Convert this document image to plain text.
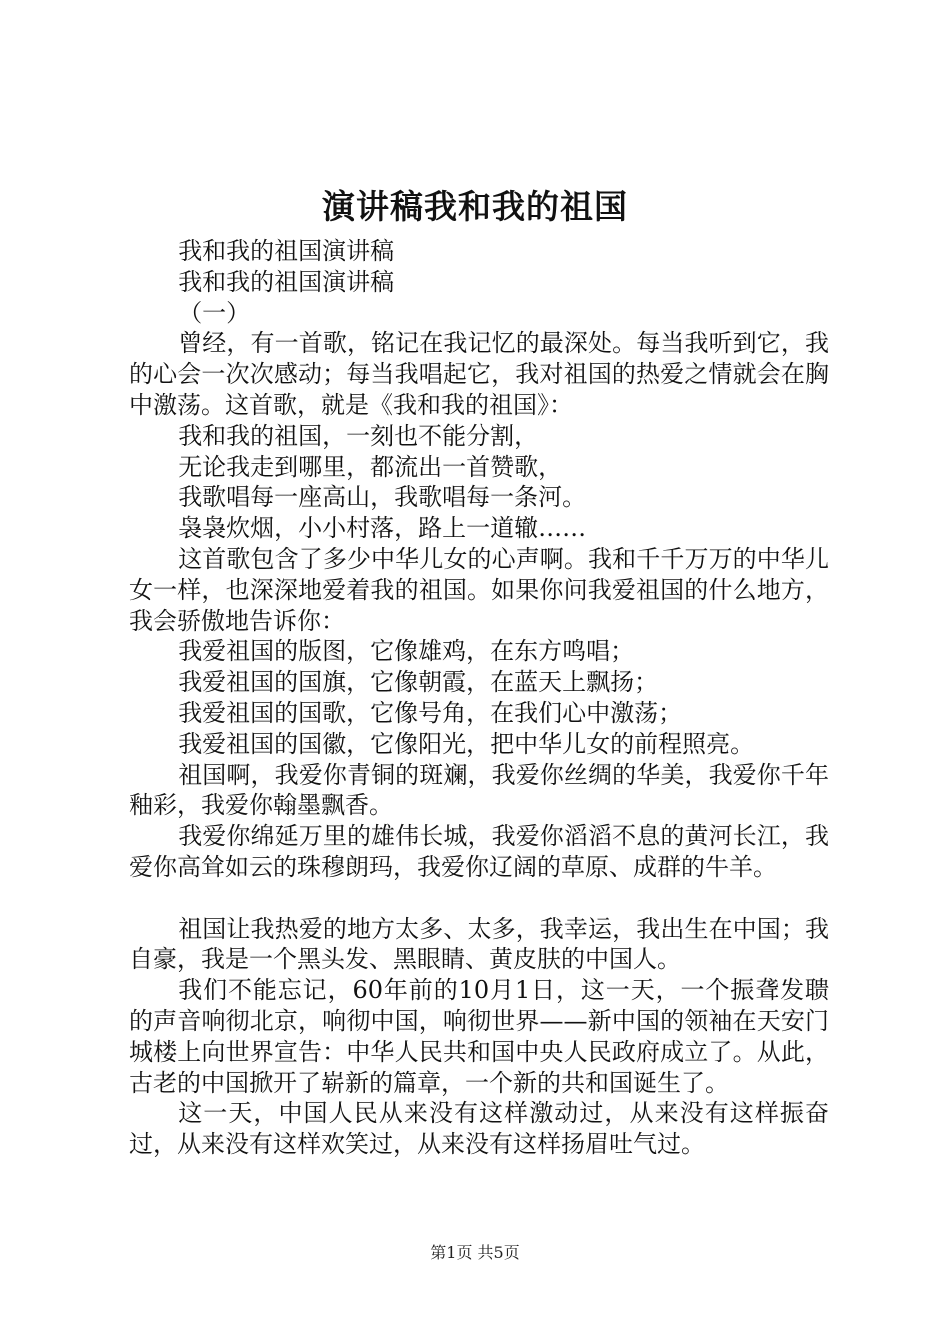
演讲稿我和我的祖国

我和我的祖国演讲稿

我和我的祖国演讲稿

（一）

曾经，有一首歌，铭记在我记忆的最深处。每当我听到它，我的心会一次次感动；每当我唱起它，我对祖国的热爱之情就会在胸中激荡。这首歌，就是《我和我的祖国》：

我和我的祖国，一刻也不能分割，

无论我走到哪里，都流出一首赞歌，

我歌唱每一座高山，我歌唱每一条河。

袅袅炊烟，小小村落，路上一道辙……

这首歌包含了多少中华儿女的心声啊。我和千千万万的中华儿女一样，也深深地爱着我的祖国。如果你问我爱祖国的什么地方，我会骄傲地告诉你：

我爱祖国的版图，它像雄鸡，在东方鸣唱；

我爱祖国的国旗，它像朝霞，在蓝天上飘扬；

我爱祖国的国歌，它像号角，在我们心中激荡；

我爱祖国的国徽，它像阳光，把中华儿女的前程照亮。

祖国啊，我爱你青铜的斑斓，我爱你丝绸的华美，我爱你千年釉彩，我爱你翰墨飘香。

我爱你绵延万里的雄伟长城，我爱你滔滔不息的黄河长江，我爱你高耸如云的珠穆朗玛，我爱你辽阔的草原、成群的牛羊。

祖国让我热爱的地方太多、太多，我幸运，我出生在中国；我自豪，我是一个黑头发、黑眼睛、黄皮肤的中国人。

我们不能忘记，60年前的10月1日，这一天，一个振聋发聩的声音响彻北京，响彻中国，响彻世界——新中国的领袖在天安门城楼上向世界宣告：中华人民共和国中央人民政府成立了。从此，古老的中国掀开了崭新的篇章，一个新的共和国诞生了。

这一天，中国人民从来没有这样激动过，从来没有这样振奋过，从来没有这样欢笑过，从来没有这样扬眉吐气过。

第1页 共5页
